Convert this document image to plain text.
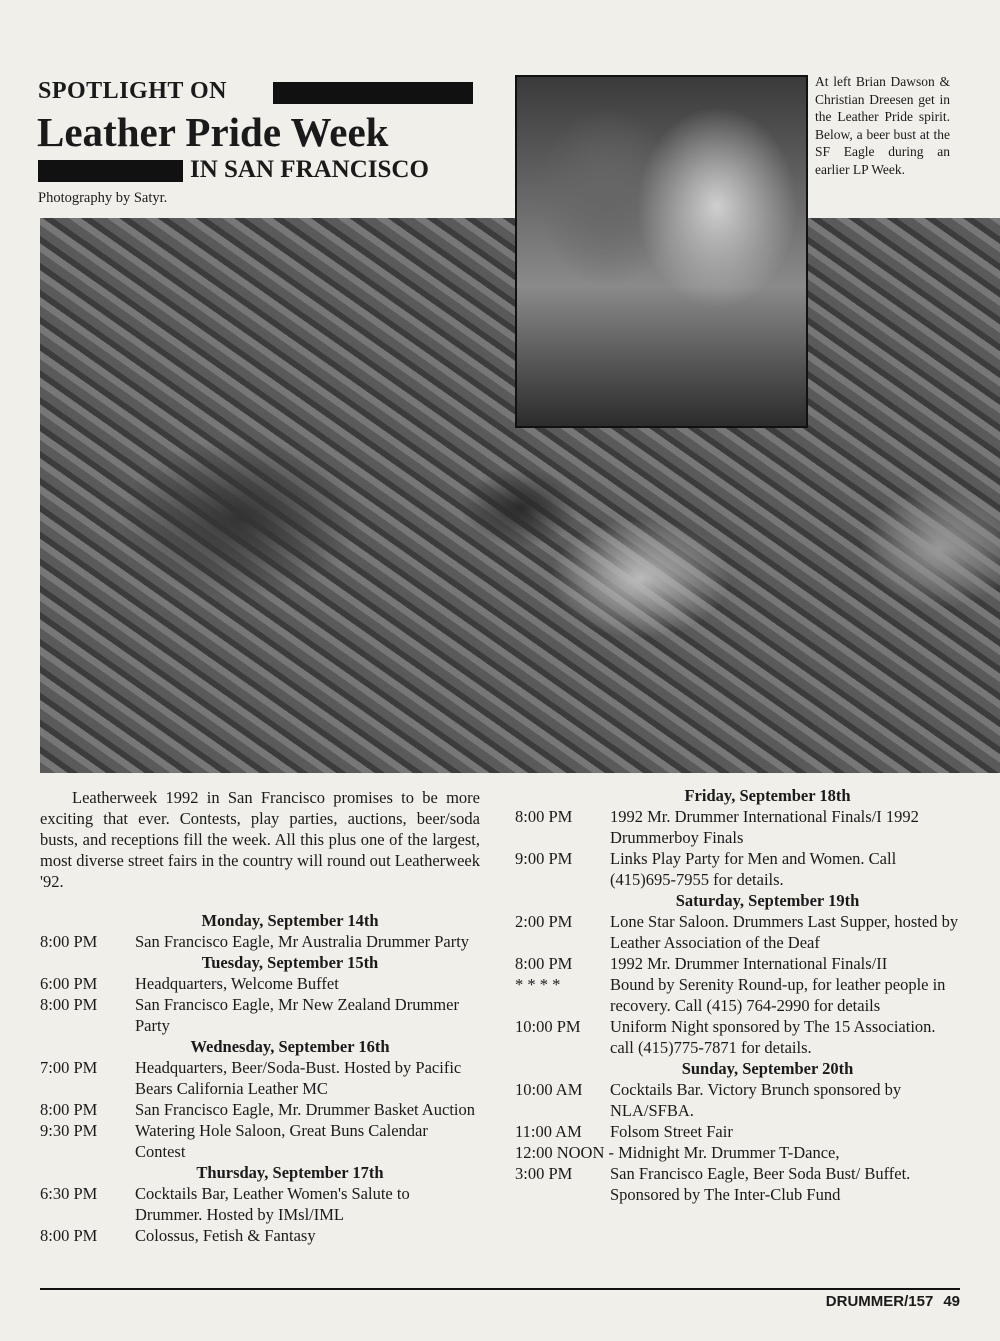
SPOTLIGHT ON
Leather Pride Week
IN SAN FRANCISCO
Photography by Satyr.
At left Brian Dawson & Christian Dreesen get in the Leather Pride spirit. Below, a beer bust at the SF Eagle during an earlier LP Week.
Leatherweek 1992 in San Francisco promises to be more exciting that ever. Contests, play parties, auctions, beer/soda busts, and receptions fill the week. All this plus one of the largest, most diverse street fairs in the country will round out Leatherweek '92.
Monday, September 14th
8:00 PM	San Francisco Eagle, Mr Australia Drummer Party
Tuesday, September 15th
6:00 PM	Headquarters, Welcome Buffet
8:00 PM	San Francisco Eagle, Mr New Zealand Drummer Party
Wednesday, September 16th
7:00 PM	Headquarters, Beer/Soda-Bust. Hosted by Pacific Bears California Leather MC
8:00 PM	San Francisco Eagle, Mr. Drummer Basket Auction
9:30 PM	Watering Hole Saloon, Great Buns Calendar Contest
Thursday, September 17th
6:30 PM	Cocktails Bar, Leather Women's Salute to Drummer. Hosted by IMsl/IML
8:00 PM	Colossus, Fetish & Fantasy
Friday, September 18th
8:00 PM	1992 Mr. Drummer International Finals/I 1992 Drummerboy Finals
9:00 PM	Links Play Party for Men and Women. Call (415)695-7955 for details.
Saturday, September 19th
2:00 PM	Lone Star Saloon. Drummers Last Supper, hosted by Leather Association of the Deaf
8:00 PM	1992 Mr. Drummer International Finals/II
* * * *	Bound by Serenity Round-up, for leather people in recovery. Call (415) 764-2990 for details
10:00 PM	Uniform Night sponsored by The 15 Association. call (415)775-7871 for details.
Sunday, September 20th
10:00 AM	Cocktails Bar. Victory Brunch sponsored by NLA/SFBA.
11:00 AM	Folsom Street Fair
12:00 NOON - Midnight Mr. Drummer T-Dance,
3:00 PM	San Francisco Eagle, Beer Soda Bust/ Buffet. Sponsored by The Inter-Club Fund
DRUMMER/157 49
